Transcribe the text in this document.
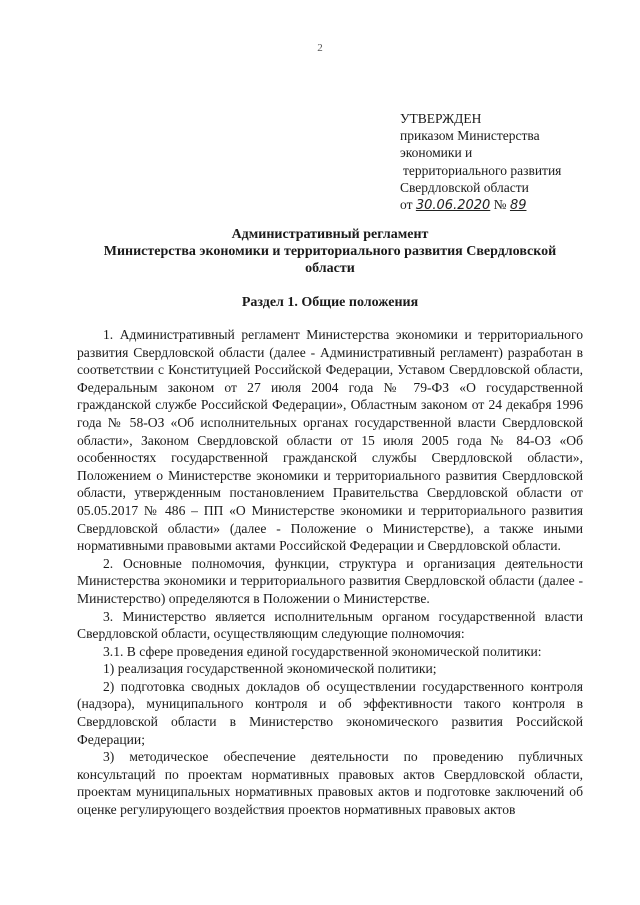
2
УТВЕРЖДЕН
приказом Министерства
экономики и
территориального развития
Свердловской области
от 30.06.2020 № 89
Административный регламент
Министерства экономики и территориального развития Свердловской области
Раздел 1. Общие положения

1. Административный регламент Министерства экономики и территориального развития Свердловской области (далее - Административный регламент) разработан в соответствии с Конституцией Российской Федерации, Уставом Свердловской области, Федеральным законом от 27 июля 2004 года № 79-ФЗ «О государственной гражданской службе Российской Федерации», Областным законом от 24 декабря 1996 года № 58-ОЗ «Об исполнительных органах государственной власти Свердловской области», Законом Свердловской области от 15 июля 2005 года № 84-ОЗ «Об особенностях государственной гражданской службы Свердловской области», Положением о Министерстве экономики и территориального развития Свердловской области, утвержденным постановлением Правительства Свердловской области от 05.05.2017 № 486 – ПП «О Министерстве экономики и территориального развития Свердловской области» (далее - Положение о Министерстве), а также иными нормативными правовыми актами Российской Федерации и Свердловской области.

2. Основные полномочия, функции, структура и организация деятельности Министерства экономики и территориального развития Свердловской области (далее - Министерство) определяются в Положении о Министерстве.

3. Министерство является исполнительным органом государственной власти Свердловской области, осуществляющим следующие полномочия:

3.1. В сфере проведения единой государственной экономической политики:

1) реализация государственной экономической политики;

2) подготовка сводных докладов об осуществлении государственного контроля (надзора), муниципального контроля и об эффективности такого контроля в Свердловской области в Министерство экономического развития Российской Федерации;

3) методическое обеспечение деятельности по проведению публичных консультаций по проектам нормативных правовых актов Свердловской области, проектам муниципальных нормативных правовых актов и подготовке заключений об оценке регулирующего воздействия проектов нормативных правовых актов
